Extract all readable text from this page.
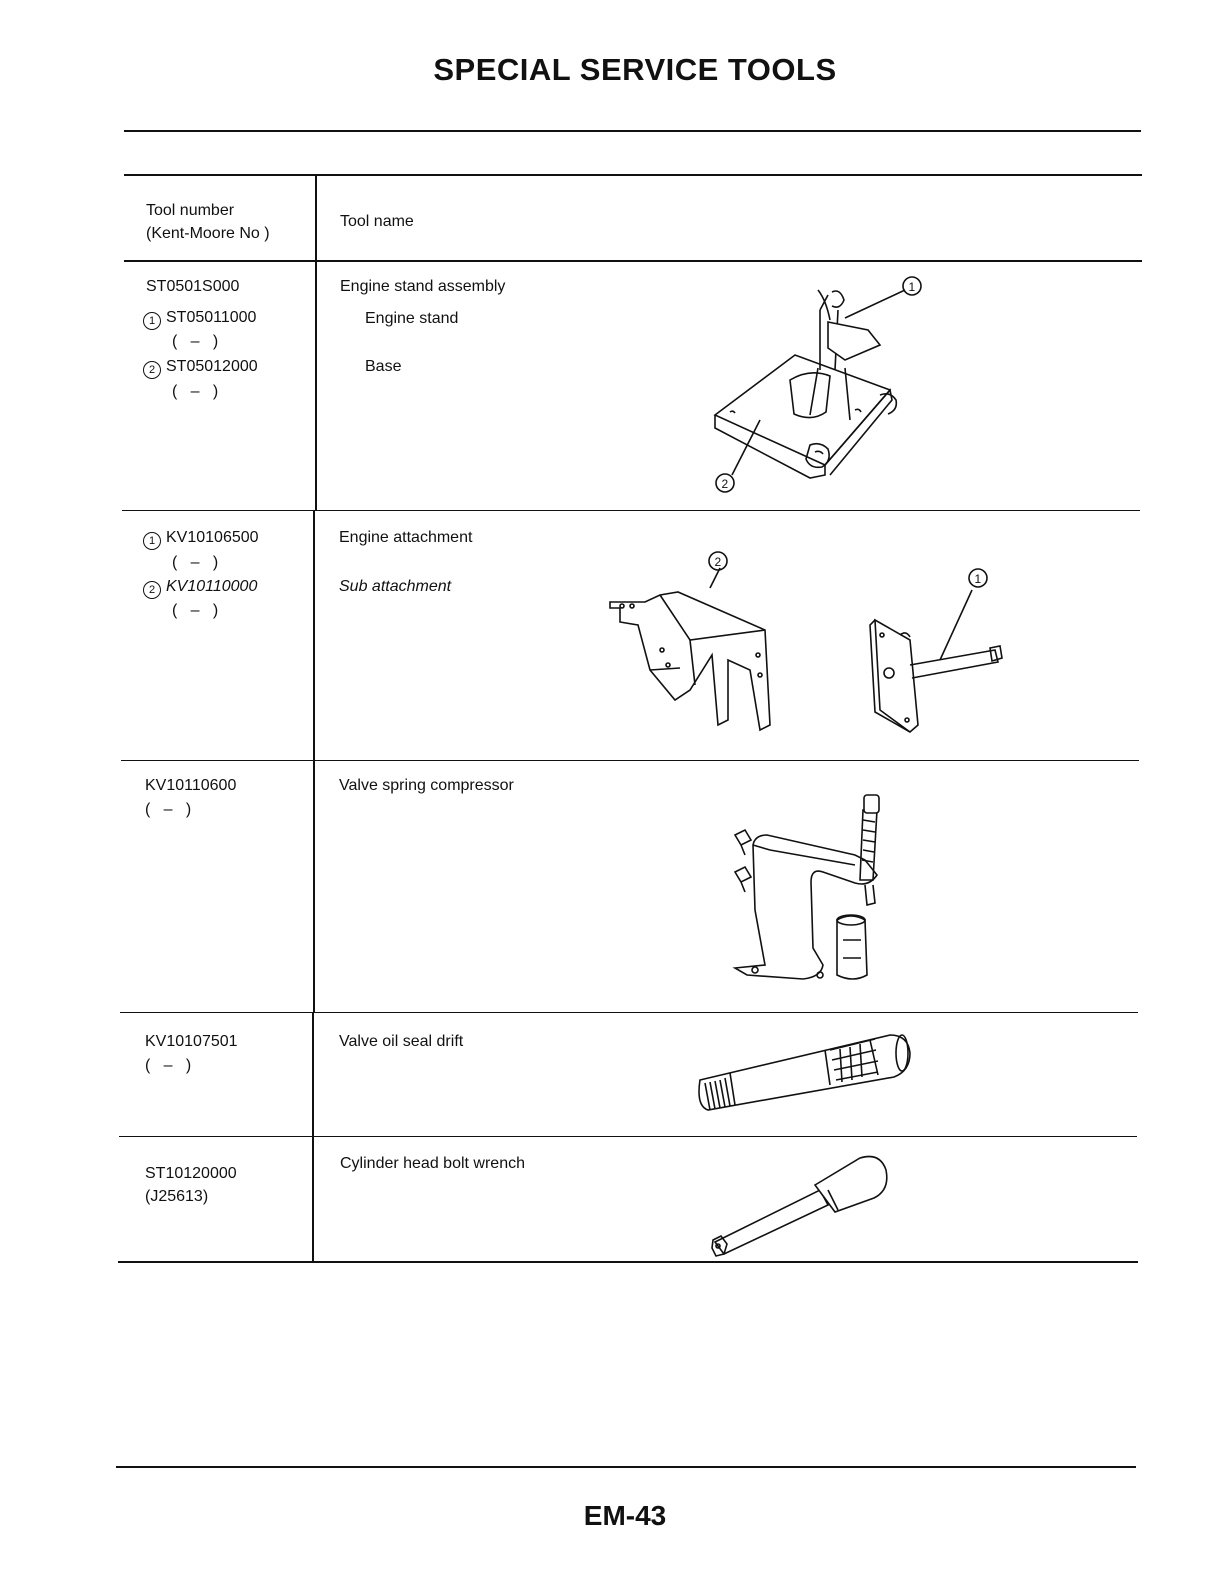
SPECIAL SERVICE TOOLS
Tool number
(Kent-Moore No )
Tool name
ST0501S000
1 ST05011000
(   –   )
2 ST05012000
(   –   )
Engine stand assembly
Engine stand
Base
1 KV10106500
(   –   )
2 KV10110000
(   –   )
Engine attachment
Sub attachment
KV10110600
(   –   )
Valve spring compressor
KV10107501
(   –   )
Valve oil seal drift
ST10120000
(J25613)
Cylinder head bolt wrench
1
2
2
1
EM-43
